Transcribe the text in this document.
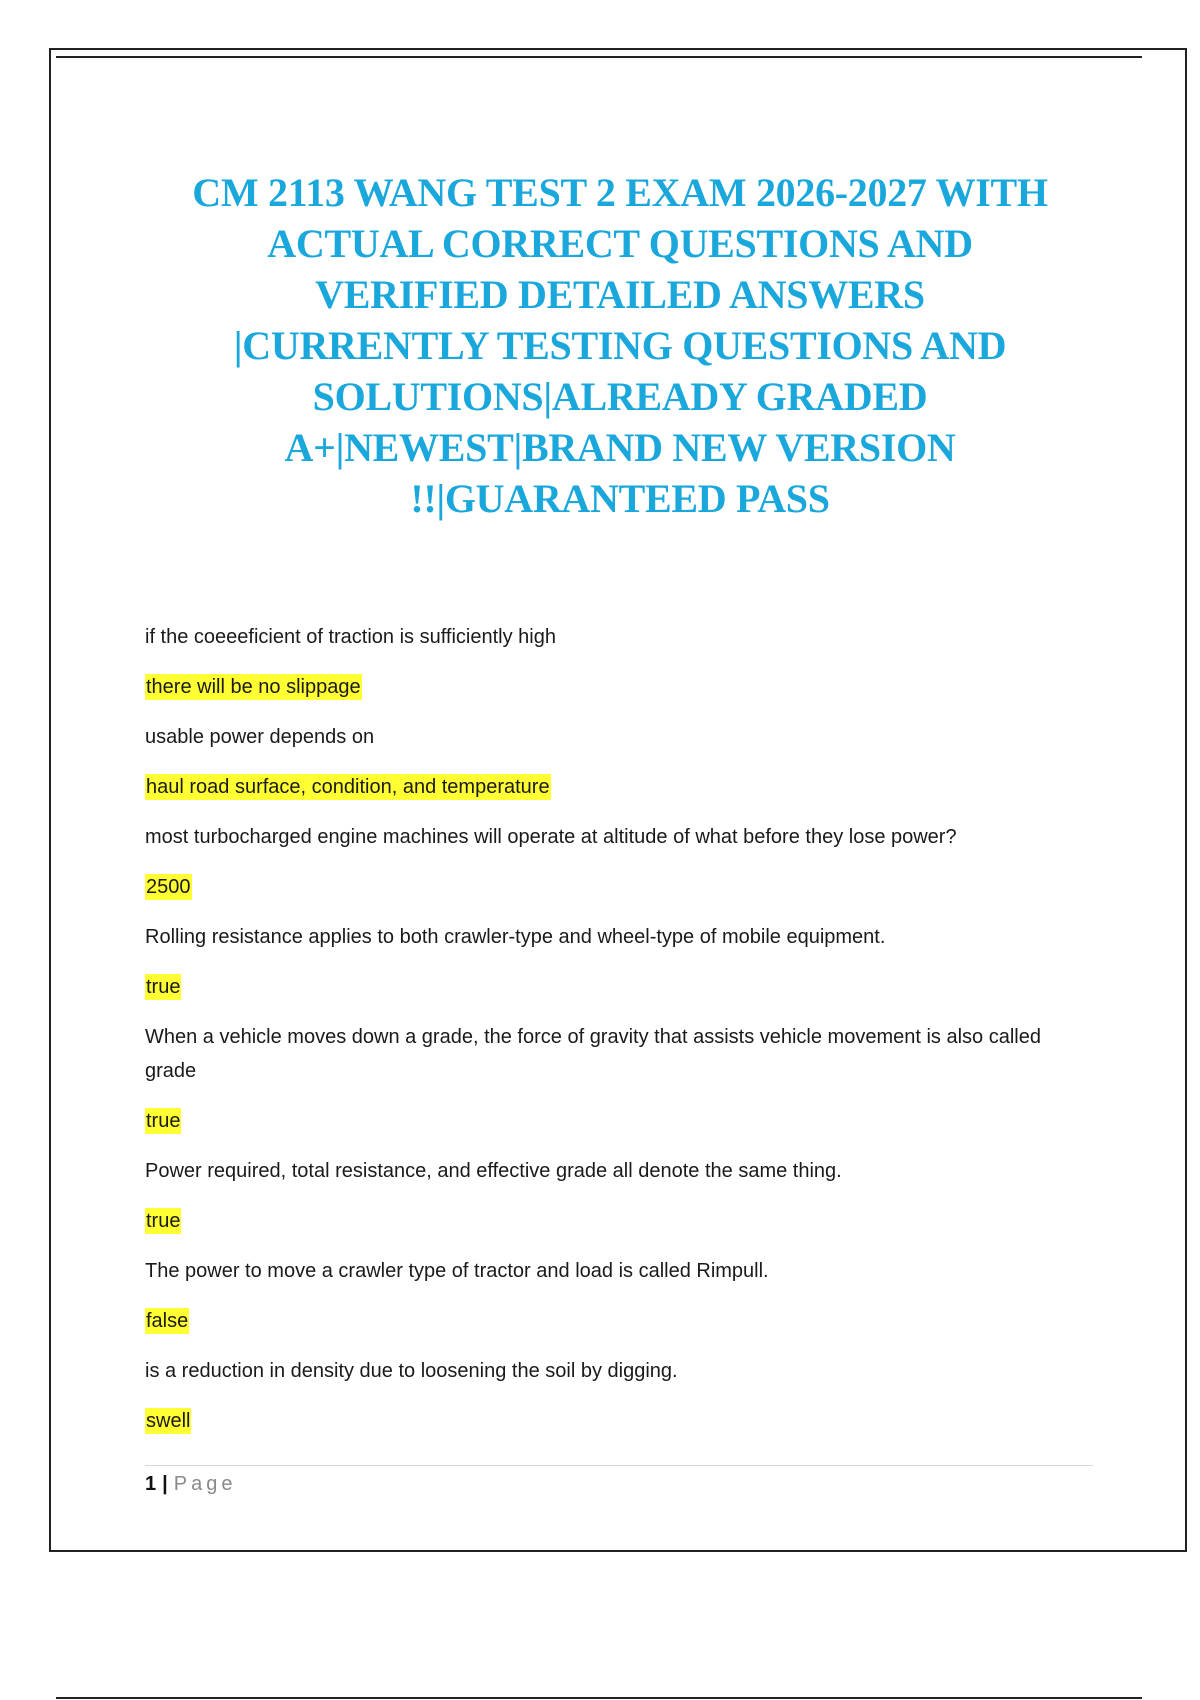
CM 2113 WANG TEST 2 EXAM 2026-2027 WITH
ACTUAL CORRECT QUESTIONS AND
VERIFIED DETAILED ANSWERS
|CURRENTLY TESTING QUESTIONS AND
SOLUTIONS|ALREADY GRADED
A+|NEWEST|BRAND NEW VERSION
!!|GUARANTEED PASS

if the coeeeficient of traction is sufficiently high

there will be no slippage

usable power depends on

haul road surface, condition, and temperature

most turbocharged engine machines will operate at altitude of what before they lose power?

2500

Rolling resistance applies to both crawler-type and wheel-type of mobile equipment.

true

When a vehicle moves down a grade, the force of gravity that assists vehicle movement is also called grade

true

Power required, total resistance, and effective grade all denote the same thing.

true

The power to move a crawler type of tractor and load is called Rimpull.

false

is a reduction in density due to loosening the soil by digging.

swell

1 | Page
